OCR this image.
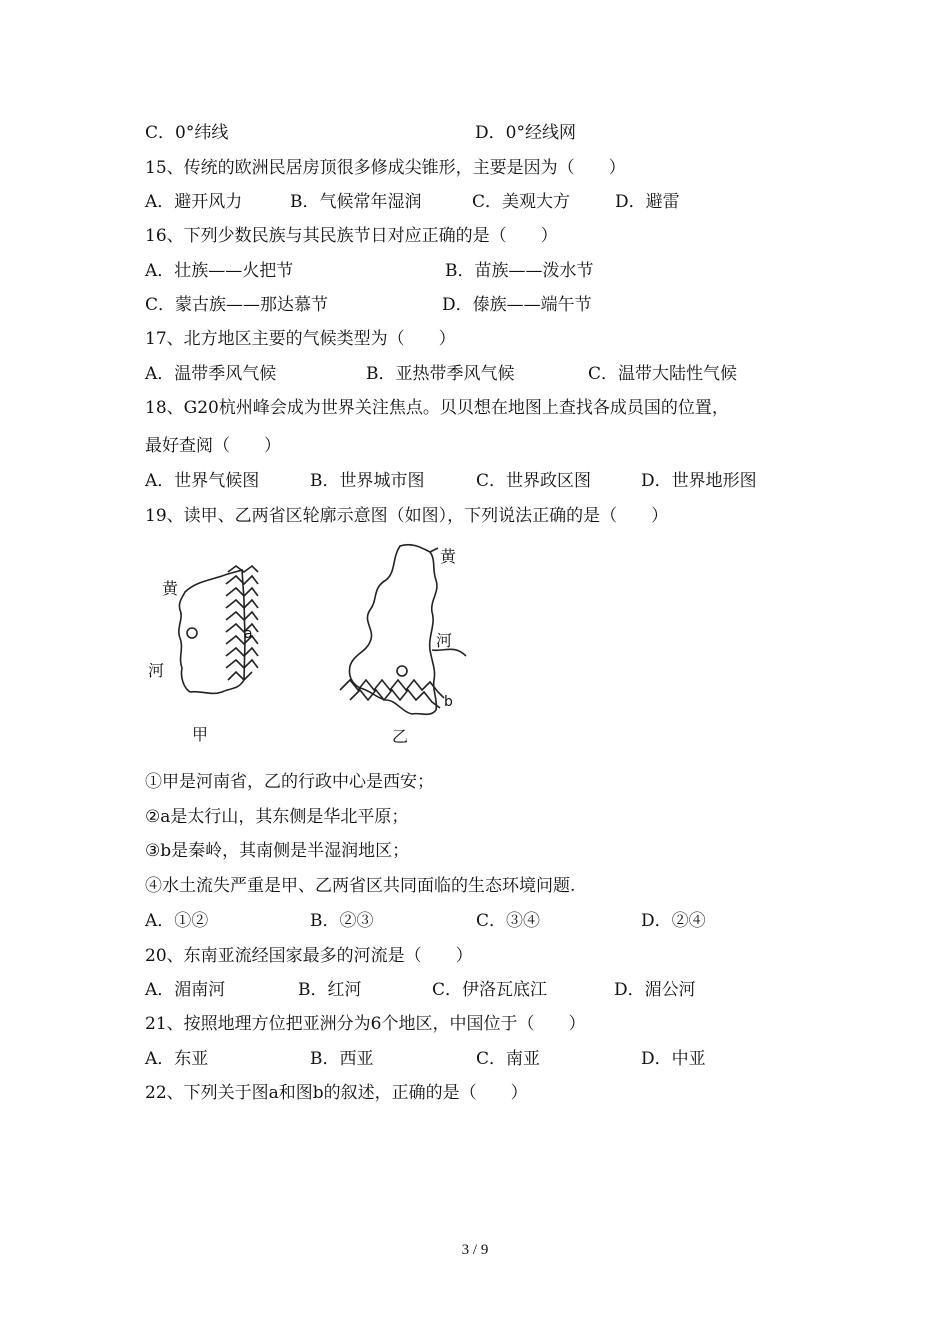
C．0°纬线	D．0°经线网
15、传统的欧洲民居房顶很多修成尖锥形，主要是因为（　　）
A．避开风力	B．气候常年湿润	C．美观大方	D．避雷
16、下列少数民族与其民族节日对应正确的是（　　）
A．壮族——火把节	B．苗族——泼水节
C．蒙古族——那达慕节	D．傣族——端午节
17、北方地区主要的气候类型为（　　）
A．温带季风气候	B．亚热带季风气候	C．温带大陆性气候
18、G20杭州峰会成为世界关注焦点。贝贝想在地图上查找各成员国的位置，
最好查阅（　　）
A．世界气候图	B．世界城市图	C．世界政区图	D．世界地形图
19、读甲、乙两省区轮廓示意图（如图），下列说法正确的是（　　）
黄
河
a
甲
黄
河
b
乙
①甲是河南省，乙的行政中心是西安；
②a是太行山，其东侧是华北平原；
③b是秦岭，其南侧是半湿润地区；
④水土流失严重是甲、乙两省区共同面临的生态环境问题.
A．①②	B．②③	C．③④	D．②④
20、东南亚流经国家最多的河流是（　　）
A．湄南河	B．红河	C．伊洛瓦底江	D．湄公河
21、按照地理方位把亚洲分为6个地区，中国位于（　　）
A．东亚	B．西亚	C．南亚	D．中亚
22、下列关于图a和图b的叙述，正确的是（　　）
3 / 9
